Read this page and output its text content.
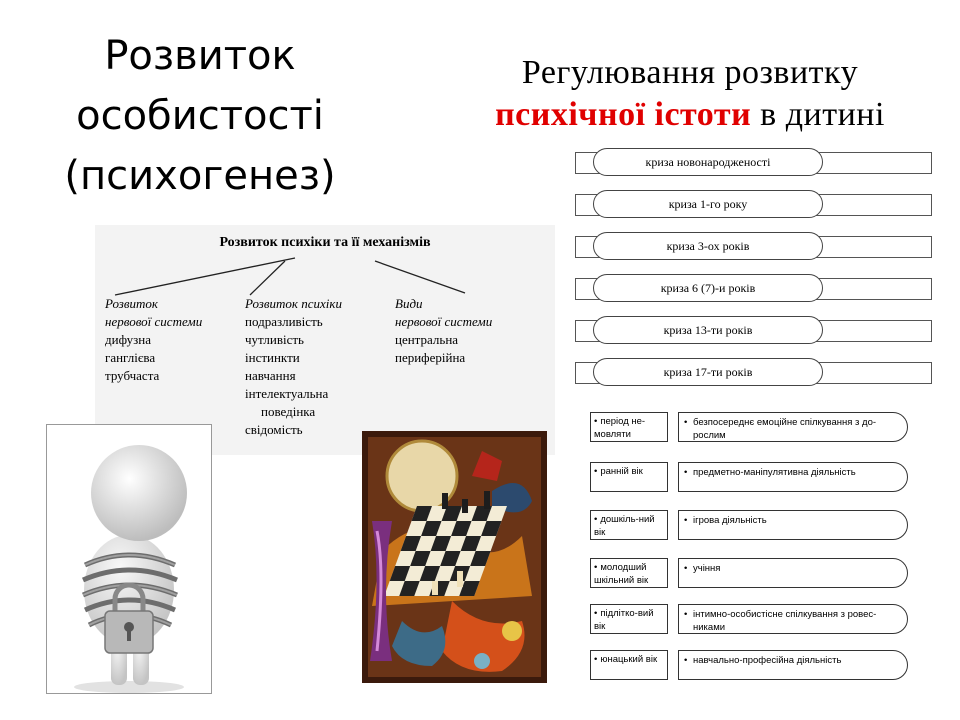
Розвиток
особистості
(психогенез)
Регулювання розвитку
психічної істоти в дитині
Розвиток психіки та її механізмів
Розвиток
нервової системи
дифузна
ганглієва
трубчаста
Розвиток психіки
подразливість
чутливість
інстинкти
навчання
інтелектуальна
поведінка
свідомість
Види
нервової системи
центральна
периферійна
криза новонародженості
криза 1-го року
криза 3-ох років
криза 6 (7)-и років
криза 13-ти років
криза 17-ти років
• період не-мовляти
• безпосереднє емоційне спілкування з до-рослим
• ранній вік	• предметно-маніпулятивна діяльність
• дошкіль-ний вік
• ігрова діяльність
• молодший шкільний вік
• учіння
• підлітко-вий вік
• інтимно-особистісне спілкування з ровес-никами
• юнацький вік	• навчально-професійна діяльність
